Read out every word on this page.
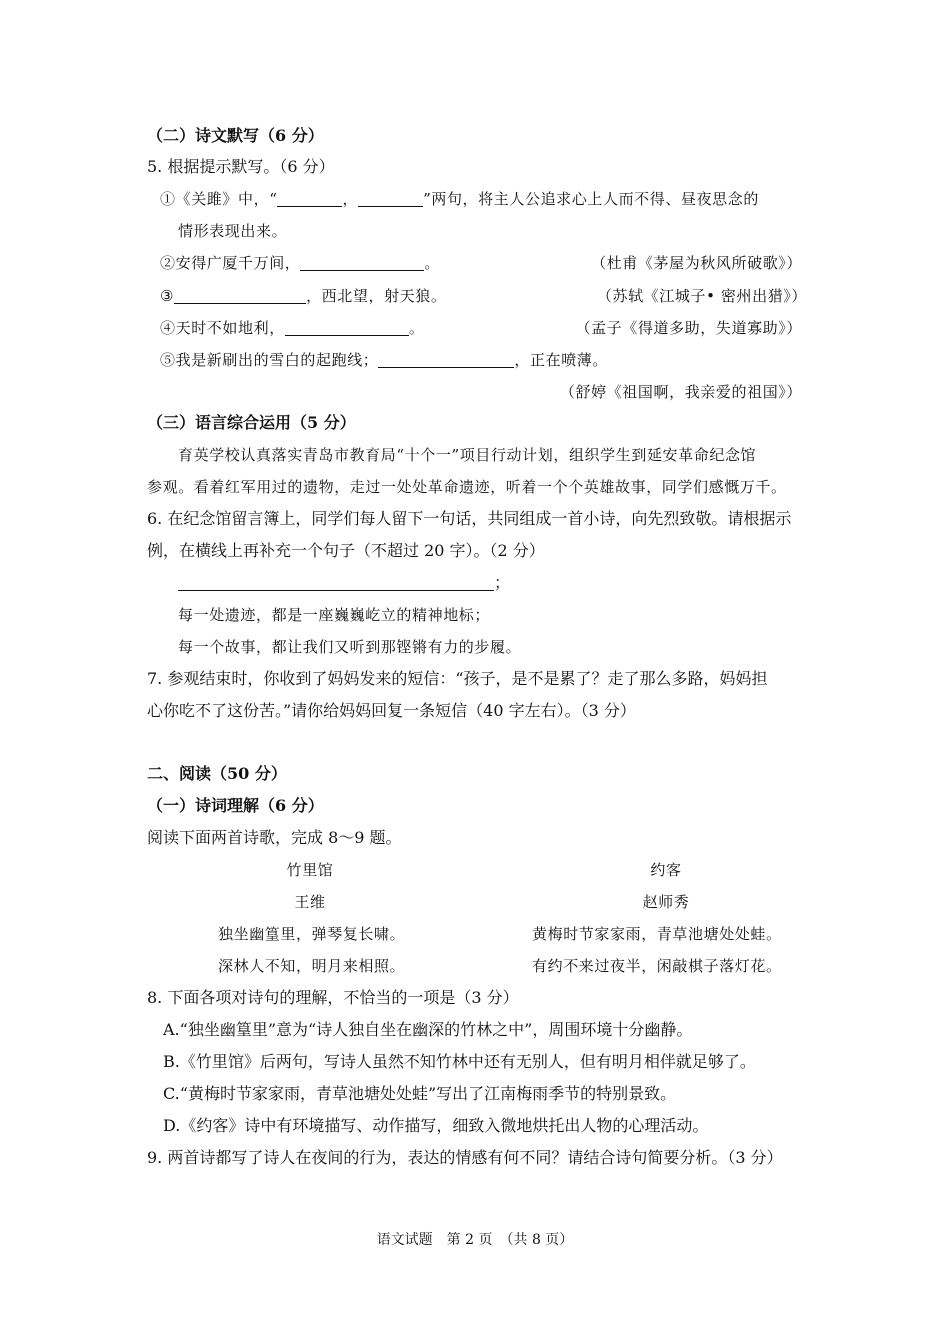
（二）诗文默写（6 分）
5. 根据提示默写。（6 分）
①《关雎》中，“	，	”两句，将主人公追求心上人而不得、昼夜思念的
情形表现出来。
②安得广厦千万间，	。	（杜甫《茅屋为秋风所破歌》）
③	，西北望，射天狼。	（苏轼《江城子• 密州出猎》）
④天时不如地利，	。	（孟子《得道多助，失道寡助》）
⑤我是新刷出的雪白的起跑线；	，正在喷薄。
（舒婷《祖国啊，我亲爱的祖国》）
（三）语言综合运用（5 分）
育英学校认真落实青岛市教育局“十个一”项目行动计划，组织学生到延安革命纪念馆
参观。看着红军用过的遗物，走过一处处革命遗迹，听着一个个英雄故事，同学们感慨万千。
6. 在纪念馆留言簿上，同学们每人留下一句话，共同组成一首小诗，向先烈致敬。请根据示
例，在横线上再补充一个句子（不超过 20 字）。（2 分）
；
每一处遗迹，都是一座巍巍屹立的精神地标；
每一个故事，都让我们又听到那铿锵有力的步履。
7. 参观结束时，你收到了妈妈发来的短信：“孩子，是不是累了？走了那么多路，妈妈担
心你吃不了这份苦。”请你给妈妈回复一条短信（40 字左右）。（3 分）
二、阅读（50 分）
（一）诗词理解（6 分）
阅读下面两首诗歌，完成 8～9 题。
竹里馆
王维
独坐幽篁里，弹琴复长啸。
深林人不知，明月来相照。
约客
赵师秀
黄梅时节家家雨，青草池塘处处蛙。
有约不来过夜半，闲敲棋子落灯花。
8. 下面各项对诗句的理解，不恰当的一项是（3 分）
A.“独坐幽篁里”意为“诗人独自坐在幽深的竹林之中”，周围环境十分幽静。
B.《竹里馆》后两句，写诗人虽然不知竹林中还有无别人，但有明月相伴就足够了。
C.“黄梅时节家家雨，青草池塘处处蛙”写出了江南梅雨季节的特别景致。
D.《约客》诗中有环境描写、动作描写，细致入微地烘托出人物的心理活动。
9. 两首诗都写了诗人在夜间的行为，表达的情感有何不同？请结合诗句简要分析。（3 分）
语文试题　第 2 页　（共 8 页）
